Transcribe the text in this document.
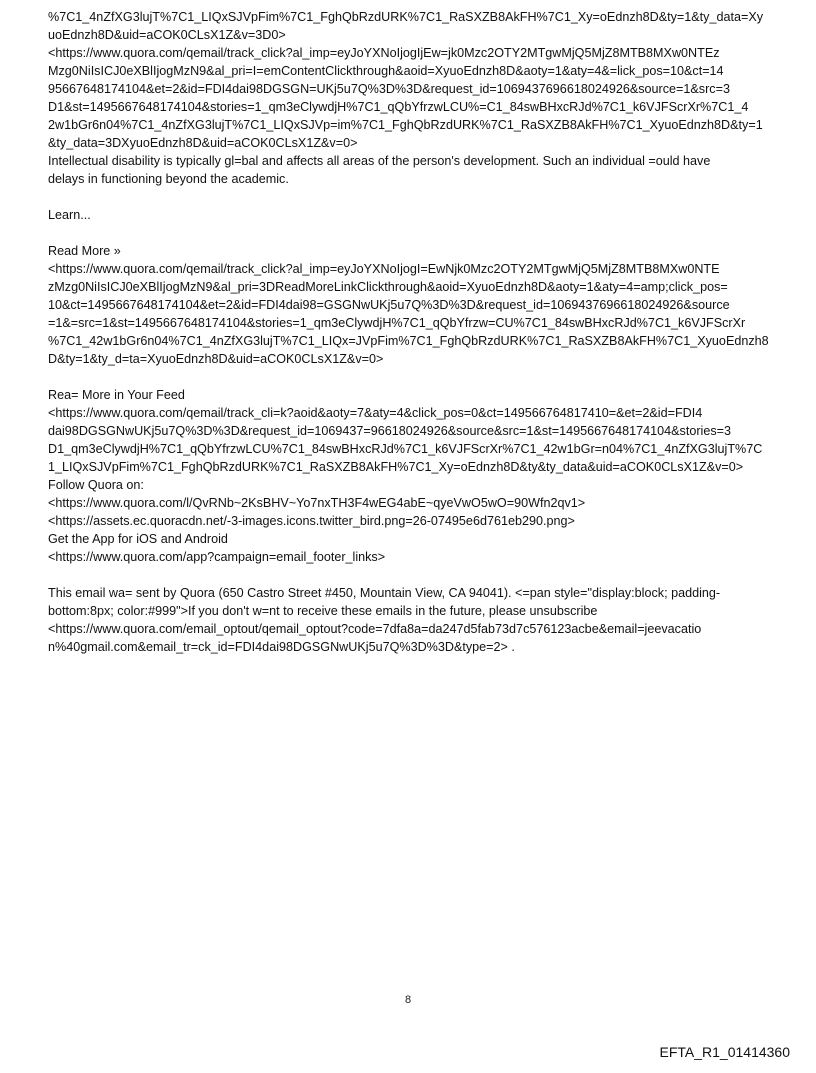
%7C1_4nZfXG3lujT%7C1_LIQxSJVpFim%7C1_FghQbRzdURK%7C1_RaSXZB8AkFH%7C1_Xy=oEdnzh8D&ty=1&ty_data=Xy
uoEdnzh8D&uid=aCOK0CLsX1Z&v=3D0>
<https://www.quora.com/qemail/track_click?al_imp=eyJoYXNoIjogIjEw=jk0Mzc2OTY2MTgwMjQ5MjZ8MTB8MXw0NTEz
Mzg0NiIsICJ0eXBlIjogMzN9&al_pri=I=emContentClickthrough&aoid=XyuoEdnzh8D&aoty=1&aty=4&=lick_pos=10&ct=14
95667648174104&et=2&id=FDI4dai98DGSGN=UKj5u7Q%3D%3D&request_id=1069437696618024926&source=1&src=3
D1&st=1495667648174104&stories=1_qm3eClywdjH%7C1_qQbYfrzwLCU%=C1_84swBHxcRJd%7C1_k6VJFScrXr%7C1_4
2w1bGr6n04%7C1_4nZfXG3lujT%7C1_LIQxSJVp=im%7C1_FghQbRzdURK%7C1_RaSXZB8AkFH%7C1_XyuoEdnzh8D&ty=1
&ty_data=3DXyuoEdnzh8D&uid=aCOK0CLsX1Z&v=0>
Intellectual disability is typically gl=bal and affects all areas of the person's development. Such an individual =ould have
delays in functioning beyond the academic.
Learn...
Read More »
<https://www.quora.com/qemail/track_click?al_imp=eyJoYXNoIjogI=EwNjk0Mzc2OTY2MTgwMjQ5MjZ8MTB8MXw0NTE
zMzg0NiIsICJ0eXBlIjogMzN9&al_pri=3DReadMoreLinkClickthrough&aoid=XyuoEdnzh8D&aoty=1&aty=4=amp;click_pos=
10&ct=1495667648174104&et=2&id=FDI4dai98=GSGNwUKj5u7Q%3D%3D&request_id=1069437696618024926&source
=1&=src=1&st=1495667648174104&stories=1_qm3eClywdjH%7C1_qQbYfrzw=CU%7C1_84swBHxcRJd%7C1_k6VJFScrXr
%7C1_42w1bGr6n04%7C1_4nZfXG3lujT%7C1_LIQx=JVpFim%7C1_FghQbRzdURK%7C1_RaSXZB8AkFH%7C1_XyuoEdnzh8
D&ty=1&ty_d=ta=XyuoEdnzh8D&uid=aCOK0CLsX1Z&v=0>
Rea= More in Your Feed
<https://www.quora.com/qemail/track_cli=k?aoid&aoty=7&aty=4&click_pos=0&ct=149566764817410=&et=2&id=FDI4
dai98DGSGNwUKj5u7Q%3D%3D&request_id=1069437=96618024926&source&src=1&st=1495667648174104&stories=3
D1_qm3eClywdjH%7C1_qQbYfrzwLCU%7C1_84swBHxcRJd%7C1_k6VJFScrXr%7C1_42w1bGr=n04%7C1_4nZfXG3lujT%7C
1_LIQxSJVpFim%7C1_FghQbRzdURK%7C1_RaSXZB8AkFH%7C1_Xy=oEdnzh8D&ty&ty_data&uid=aCOK0CLsX1Z&v=0>
Follow Quora on:
<https://www.quora.com/l/QvRNb~2KsBHV~Yo7nxTH3F4wEG4abE~qyeVwO5wO=90Wfn2qv1>
<https://assets.ec.quoracdn.net/-3-images.icons.twitter_bird.png=26-07495e6d761eb290.png>
Get the App for iOS and Android
<https://www.quora.com/app?campaign=email_footer_links>
This email wa= sent by Quora (650 Castro Street #450, Mountain View, CA 94041). <=pan style="display:block; padding-
bottom:8px; color:#999">If you don't w=nt to receive these emails in the future, please unsubscribe
<https://www.quora.com/email_optout/qemail_optout?code=7dfa8a=da247d5fab73d7c576123acbe&email=jeevacatio
n%40gmail.com&email_tr=ck_id=FDI4dai98DGSGNwUKj5u7Q%3D%3D&type=2> .
8
EFTA_R1_01414360
